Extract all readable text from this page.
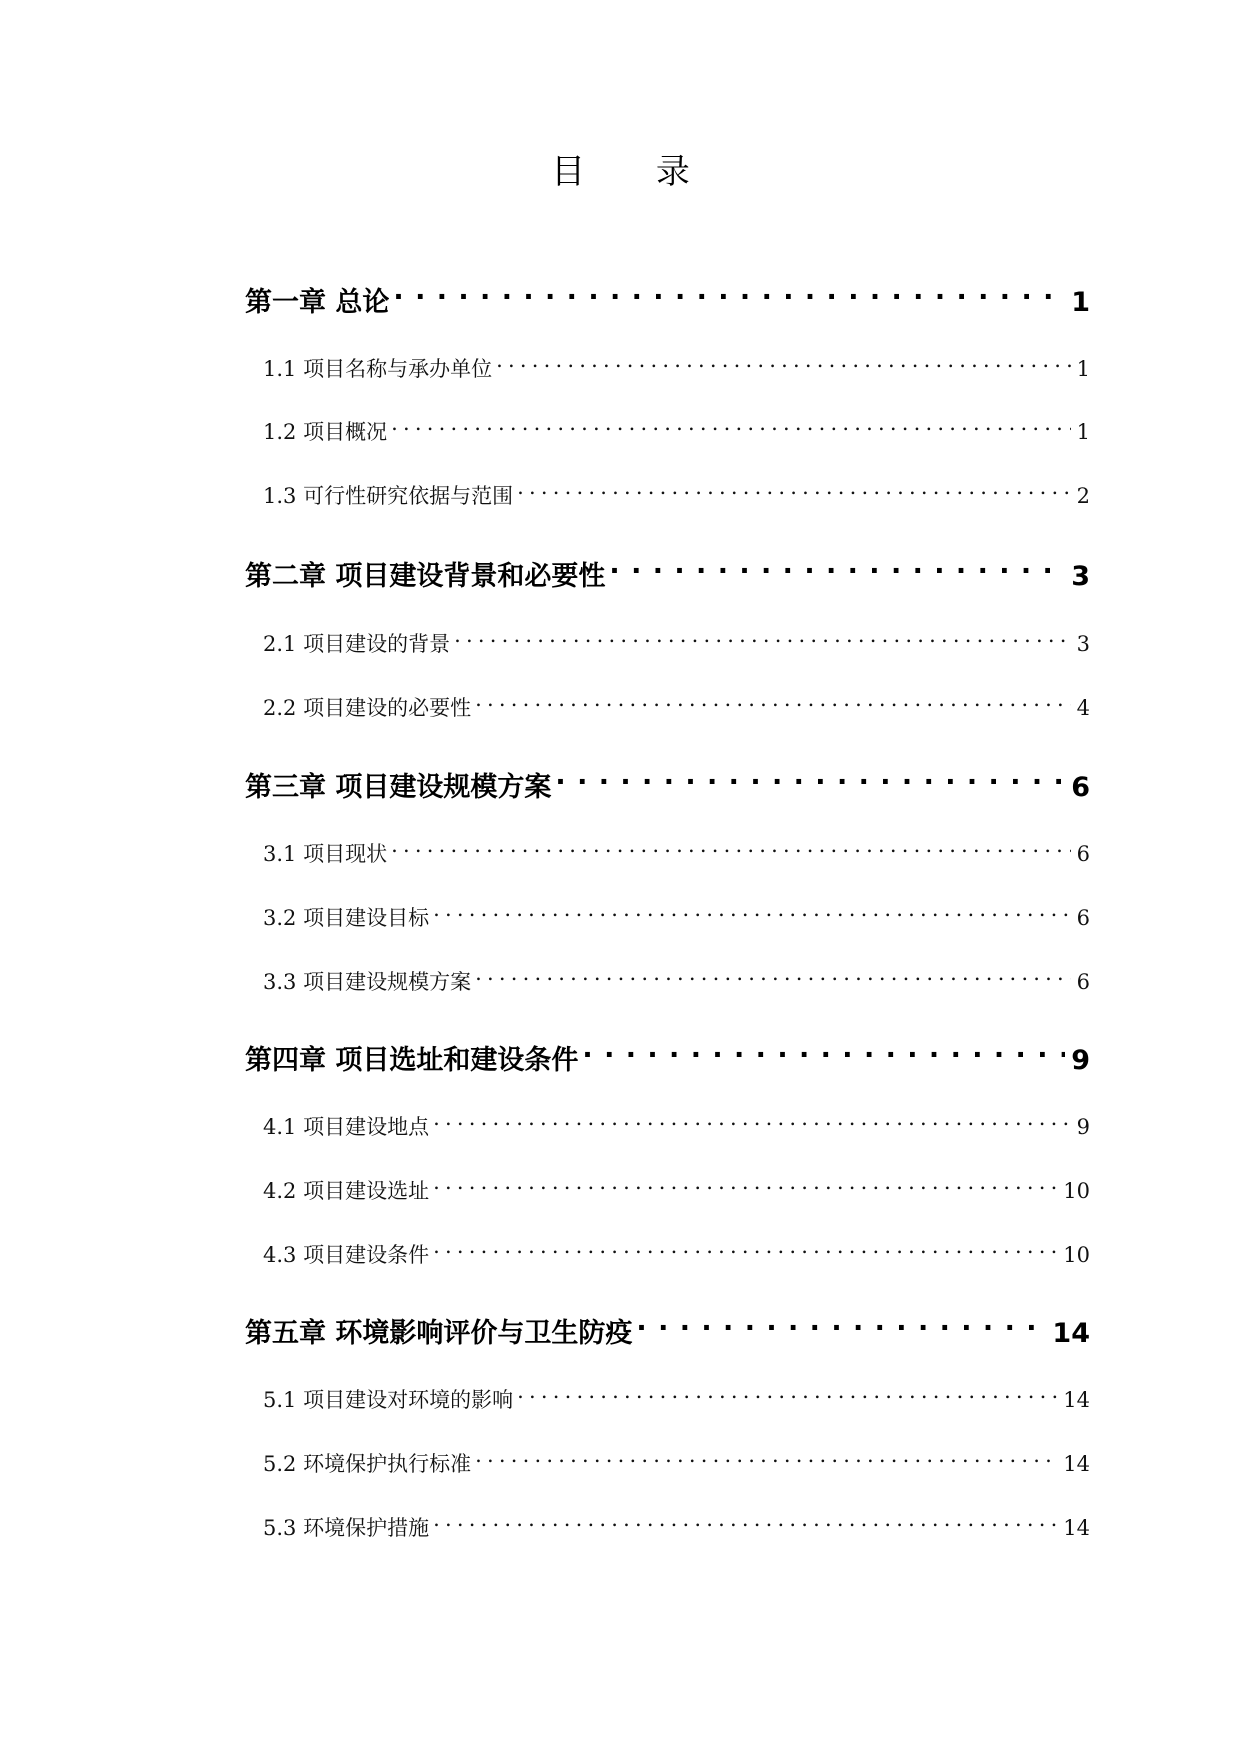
目 录
第一章 总论 . . .	1
1.1 项目名称与承办单位 .....	1
1.2 项目概况 .....	1
1.3 可行性研究依据与范围 .....	2
第二章 项目建设背景和必要性 . . .	3
2.1 项目建设的背景 .....	3
2.2 项目建设的必要性 .....	4
第三章 项目建设规模方案 . . .	6
3.1 项目现状 .....	6
3.2 项目建设目标 .....	6
3.3 项目建设规模方案 .....	6
第四章 项目选址和建设条件 . . .	9
4.1 项目建设地点 .....	9
4.2 项目建设选址 .....	10
4.3 项目建设条件 .....	10
第五章 环境影响评价与卫生防疫 . . .	14
5.1 项目建设对环境的影响 .....	14
5.2 环境保护执行标准 .....	14
5.3 环境保护措施 .....	14
